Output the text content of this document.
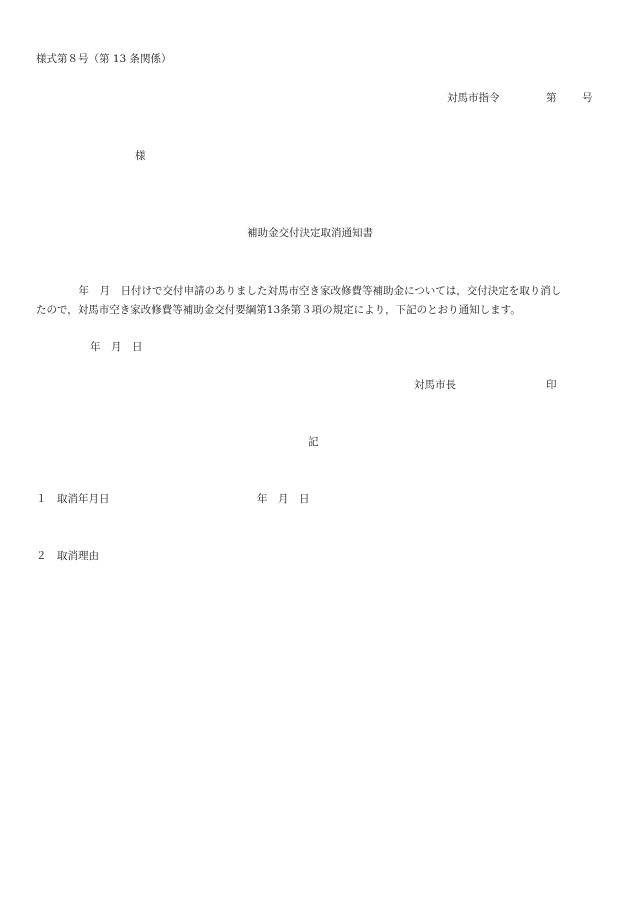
様式第８号（第 13 条関係）
対馬市指令	第 号
様
補助金交付決定取消通知書
　年　月　日付けで交付申請のありました対馬市空き家改修費等補助金については，交付決定を取り消し
たので，対馬市空き家改修費等補助金交付要綱第13条第３項の規定により，下記のとおり通知します。
年　月　日
対馬市長	印
記
１ 取消年月日	年　月　日
２ 取消理由
